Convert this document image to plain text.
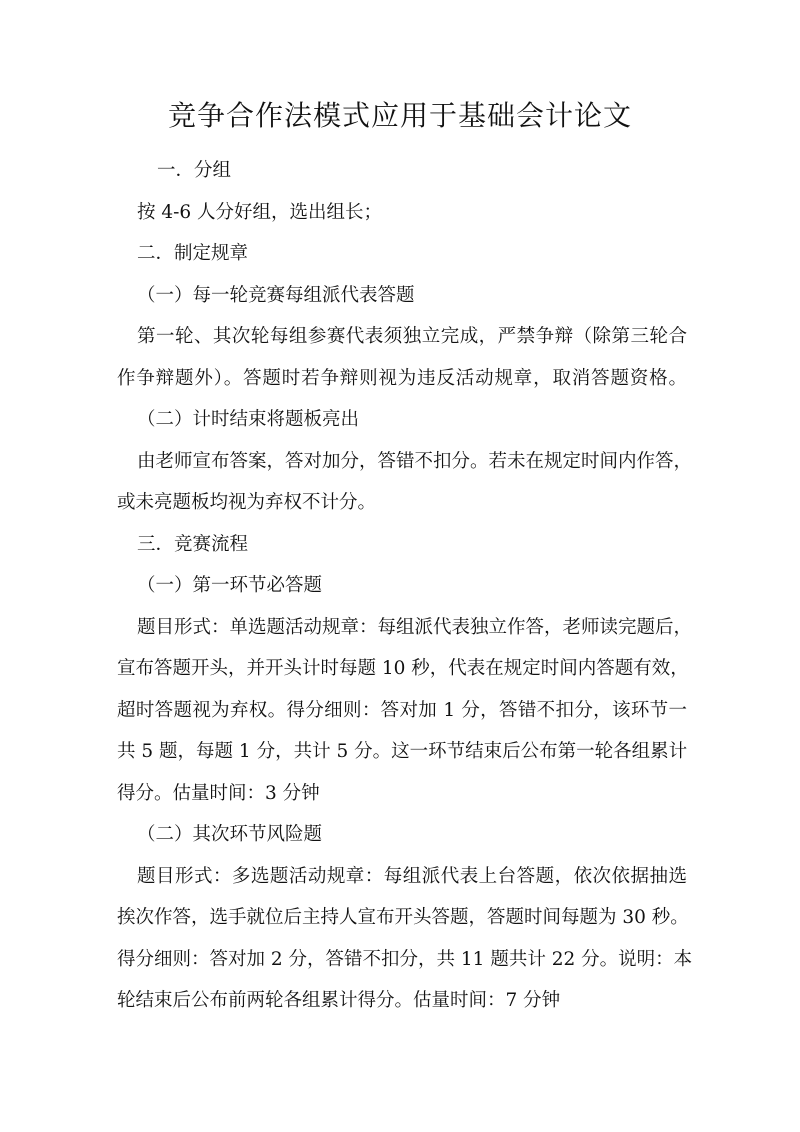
竞争合作法模式应用于基础会计论文

一．分组

按 4-6 人分好组，选出组长；

二．制定规章

（一）每一轮竞赛每组派代表答题

第一轮、其次轮每组参赛代表须独立完成，严禁争辩（除第三轮合

作争辩题外）。答题时若争辩则视为违反活动规章，取消答题资格。

（二）计时结束将题板亮出

由老师宣布答案，答对加分，答错不扣分。若未在规定时间内作答，

或未亮题板均视为弃权不计分。

三．竞赛流程

（一）第一环节必答题

题目形式：单选题活动规章：每组派代表独立作答，老师读完题后，

宣布答题开头，并开头计时每题 10 秒，代表在规定时间内答题有效，

超时答题视为弃权。得分细则：答对加 1 分，答错不扣分，该环节一

共 5 题，每题 1 分，共计 5 分。这一环节结束后公布第一轮各组累计

得分。估量时间：3 分钟

（二）其次环节风险题

题目形式：多选题活动规章：每组派代表上台答题，依次依据抽选

挨次作答，选手就位后主持人宣布开头答题，答题时间每题为 30 秒。

得分细则：答对加 2 分，答错不扣分，共 11 题共计 22 分。说明：本

轮结束后公布前两轮各组累计得分。估量时间：7 分钟
